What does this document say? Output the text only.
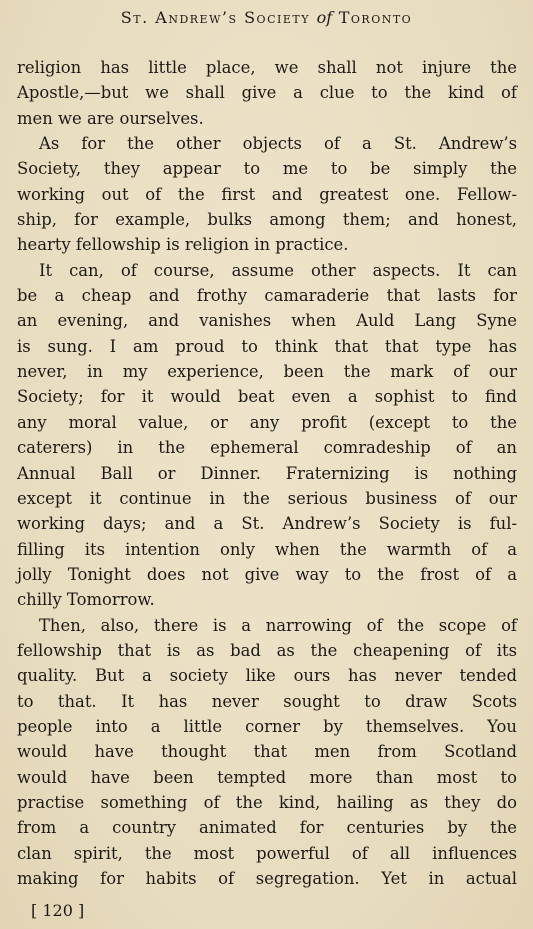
St. Andrew’s Society of Toronto
religion has little place, we shall not injure the
Apostle,—but we shall give a clue to the kind of
men we are ourselves.
As for the other objects of a St. Andrew’s
Society, they appear to me to be simply the
working out of the first and greatest one. Fellow-
ship, for example, bulks among them; and honest,
hearty fellowship is religion in practice.
It can, of course, assume other aspects. It can
be a cheap and frothy camaraderie that lasts for
an evening, and vanishes when Auld Lang Syne
is sung. I am proud to think that that type has
never, in my experience, been the mark of our
Society; for it would beat even a sophist to find
any moral value, or any profit (except to the
caterers) in the ephemeral comradeship of an
Annual Ball or Dinner. Fraternizing is nothing
except it continue in the serious business of our
working days; and a St. Andrew’s Society is ful-
filling its intention only when the warmth of a
jolly Tonight does not give way to the frost of a
chilly Tomorrow.
Then, also, there is a narrowing of the scope of
fellowship that is as bad as the cheapening of its
quality. But a society like ours has never tended
to that. It has never sought to draw Scots
people into a little corner by themselves. You
would have thought that men from Scotland
would have been tempted more than most to
practise something of the kind, hailing as they do
from a country animated for centuries by the
clan spirit, the most powerful of all influences
making for habits of segregation. Yet in actual
[ 120 ]
